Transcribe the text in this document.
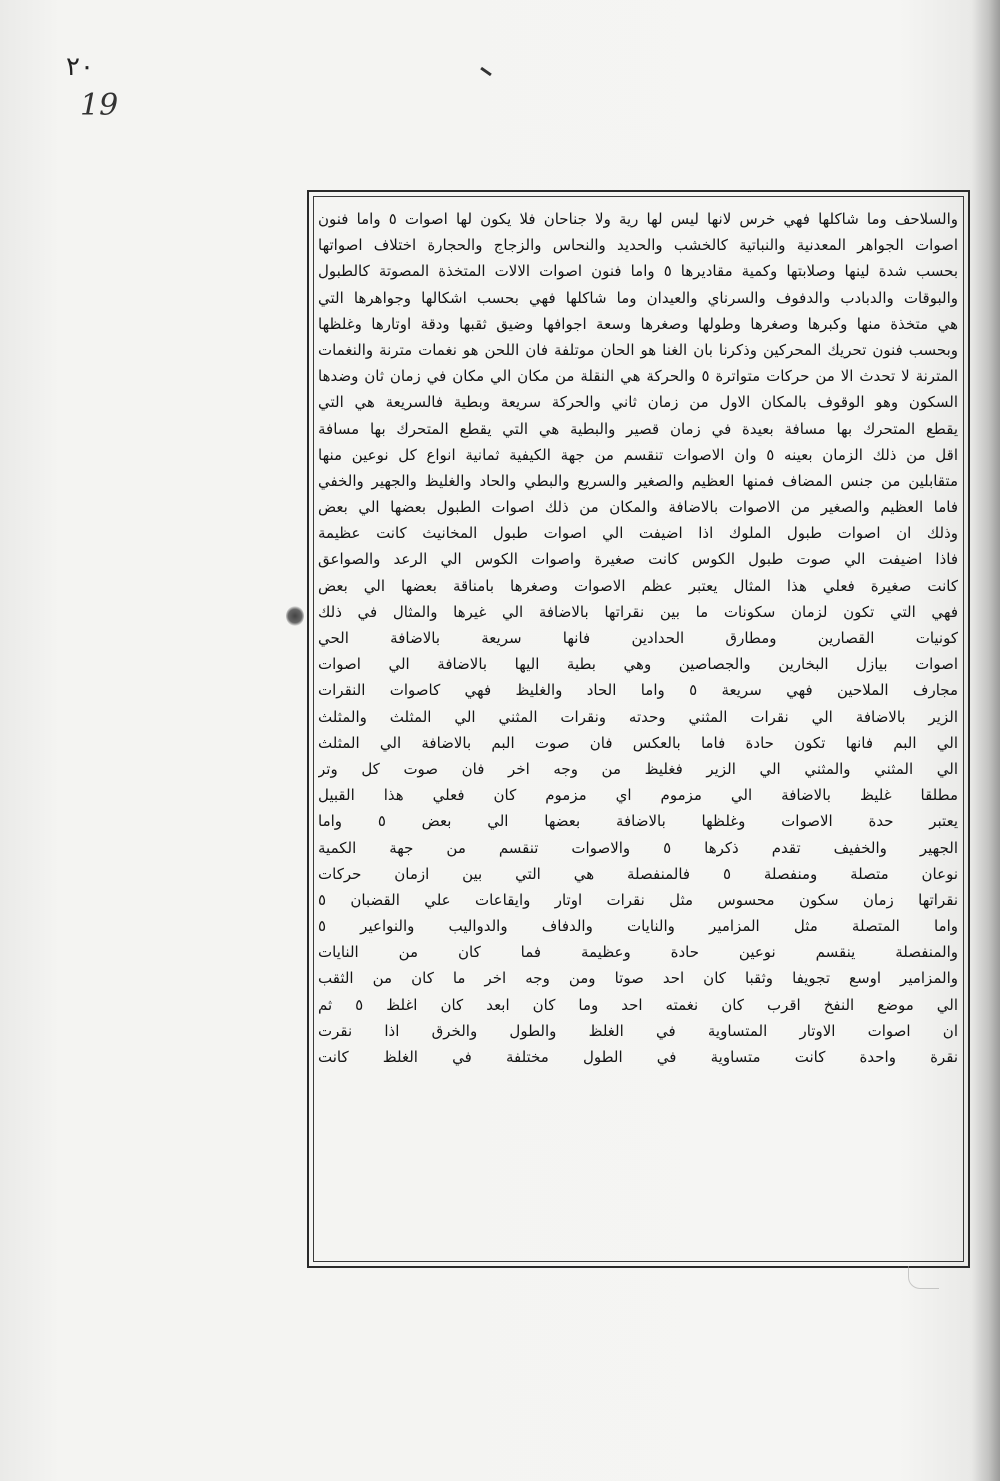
٢٠
19
والسلاحف وما شاكلها فهي خرس لانها ليس لها رية ولا جناحان فلا يكون لها اصوات ٥ واما فنون
اصوات الجواهر المعدنية والنباتية كالخشب والحديد والنحاس والزجاج والحجارة اختلاف اصواتها
بحسب شدة لينها وصلابتها وكمية مقاديرها ٥ واما فنون اصوات الالات المتخذة المصوتة كالطبول
والبوقات والدبادب والدفوف والسرناي والعيدان وما شاكلها فهي بحسب اشكالها وجواهرها التي
هي متخذة منها وكبرها وصغرها وطولها وصغرها وسعة اجوافها وضيق ثقبها ودقة اوتارها وغلظها
وبحسب فنون تحريك المحركين وذكرنا بان الغنا هو الحان موتلفة فان اللحن هو نغمات مترنة والنغمات
المترنة لا تحدث الا من حركات متواترة ٥ والحركة هي النقلة من مكان الي مكان في زمان ثان وضدها
السكون وهو الوقوف بالمكان الاول من زمان ثاني والحركة سريعة وبطية فالسريعة هي التي
يقطع المتحرك بها مسافة بعيدة في زمان قصير والبطية هي التي يقطع المتحرك بها مسافة
اقل من ذلك الزمان بعينه ٥ وان الاصوات تنقسم من جهة الكيفية ثمانية انواع كل نوعين منها
متقابلين من جنس المضاف فمنها العظيم والصغير والسريع والبطي والحاد والغليظ والجهير والخفي
فاما العظيم والصغير من الاصوات بالاضافة والمكان من ذلك اصوات الطبول بعضها الي بعض
وذلك ان اصوات طبول الملوك اذا اضيفت الي اصوات طبول المخانيث كانت عظيمة
فاذا اضيفت الي صوت طبول الكوس كانت صغيرة واصوات الكوس الي الرعد والصواعق
كانت صغيرة فعلي هذا المثال يعتبر عظم الاصوات وصغرها بامناقة بعضها الي بعض
فهي التي تكون لزمان سكونات ما بين نقراتها بالاضافة الي غيرها والمثال في ذلك
كونيات القصارين ومطارق الحدادين فانها سريعة بالاضافة الحي
اصوات بيازل البخارين والجصاصين وهي بطية اليها بالاضافة الي اصوات
مجارف الملاحين فهي سريعة ٥ واما الحاد والغليظ فهي كاصوات النقرات
الزير بالاضافة الي نقرات المثني وحدته ونقرات المثني الي المثلث والمثلث
الي البم فانها تكون حادة فاما بالعكس فان صوت البم بالاضافة الي المثلث
الي المثني والمثني الي الزير فغليظ من وجه اخر فان صوت كل وتر
مطلقا غليظ بالاضافة الي مزموم اي مزموم كان فعلي هذا القبيل
يعتبر حدة الاصوات وغلظها بالاضافة بعضها الي بعض ٥ واما
الجهير والخفيف تقدم ذكرها ٥ والاصوات تنقسم من جهة الكمية
نوعان متصلة ومنفصلة ٥ فالمنفصلة هي التي بين ازمان حركات
نقراتها زمان سكون محسوس مثل نقرات اوتار وايقاعات علي القضبان ٥
واما المتصلة مثل المزامير والنايات والدفاف والدواليب والنواعير ٥
والمنفصلة ينقسم نوعين حادة وعظيمة فما كان من النايات
والمزامير اوسع تجويفا وثقبا كان احد صوتا ومن وجه اخر ما كان من الثقب
الي موضع النفخ اقرب كان نغمته احد وما كان ابعد كان اغلظ ٥ ثم
ان اصوات الاوتار المتساوية في الغلظ والطول والخرق اذا نقرت
نقرة واحدة كانت متساوية في الطول مختلفة في الغلظ كانت
